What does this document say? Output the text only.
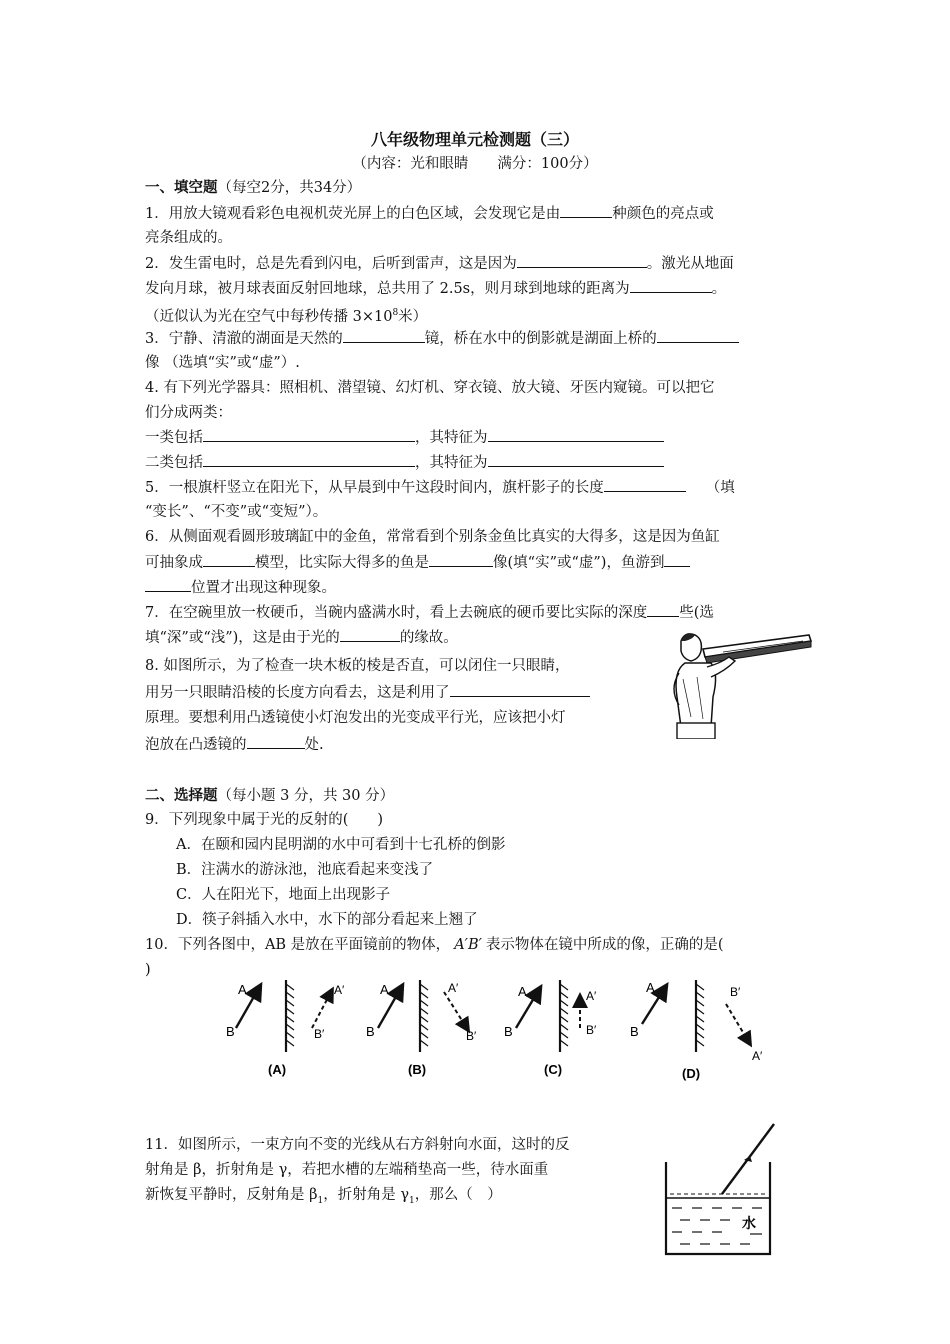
八年级物理单元检测题（三）
（内容：光和眼睛　　满分：100分）
一、填空题（每空2分，共34分）
1．用放大镜观看彩色电视机荧光屏上的白色区域，会发现它是由	种颜色的亮点或
亮条组成的。
2．发生雷电时，总是先看到闪电，后听到雷声，这是因为	。激光从地面
发向月球，被月球表面反射回地球，总共用了 2.5s，则月球到地球的距离为	。
（近似认为光在空气中每秒传播 $3\times 10^8$米）
3．宁静、清澈的湖面是天然的	镜，桥在水中的倒影就是湖面上桥的
像 （选填“实”或“虚”）.
4. 有下列光学器具：照相机、潜望镜、幻灯机、穿衣镜、放大镜、牙医内窥镜。可以把它
们分成两类：
一类包括	，其特征为
二类包括	，其特征为
5．一根旗杆竖立在阳光下，从早晨到中午这段时间内，旗杆影子的长度	（填
“变长”、“不变”或“变短”）。
6．从侧面观看圆形玻璃缸中的金鱼，常常看到个别条金鱼比真实的大得多，这是因为鱼缸
可抽象成	模型，比实际大得多的鱼是	像(填“实”或“虚”)，鱼游到
位置才出现这种现象。
7．在空碗里放一枚硬币，当碗内盛满水时，看上去碗底的硬币要比实际的深度 些(选
填“深”或“浅”)，这是由于光的	的缘故。
8. 如图所示，为了检查一块木板的棱是否直，可以闭住一只眼睛，
用另一只眼睛沿棱的长度方向看去，这是利用了
原理。要想利用凸透镜使小灯泡发出的光变成平行光，应该把小灯
泡放在凸透镜的	处.
二、选择题（每小题 3 分，共 30 分）
9．下列现象中属于光的反射的(　　)
A．在颐和园内昆明湖的水中可看到十七孔桥的倒影
B．注满水的游泳池，池底看起来变浅了
C．人在阳光下，地面上出现影子
D．筷子斜插入水中，水下的部分看起来上翘了
10．下列各图中，AB 是放在平面镜前的物体， A′B′ 表示物体在镜中所成的像，正确的是(
)
A
B
A′
B′
(A)
A
B
A′
B′
(B)
A
B
A′
B′
(C)
A
B
B′
A′
(D)
11．如图所示，一束方向不变的光线从右方斜射向水面，这时的反
射角是 β，折射角是 γ，若把水槽的左端稍垫高一些，待水面重
新恢复平静时，反射角是 $\beta_1$，折射角是 $\gamma_1$，那么（　）
水
